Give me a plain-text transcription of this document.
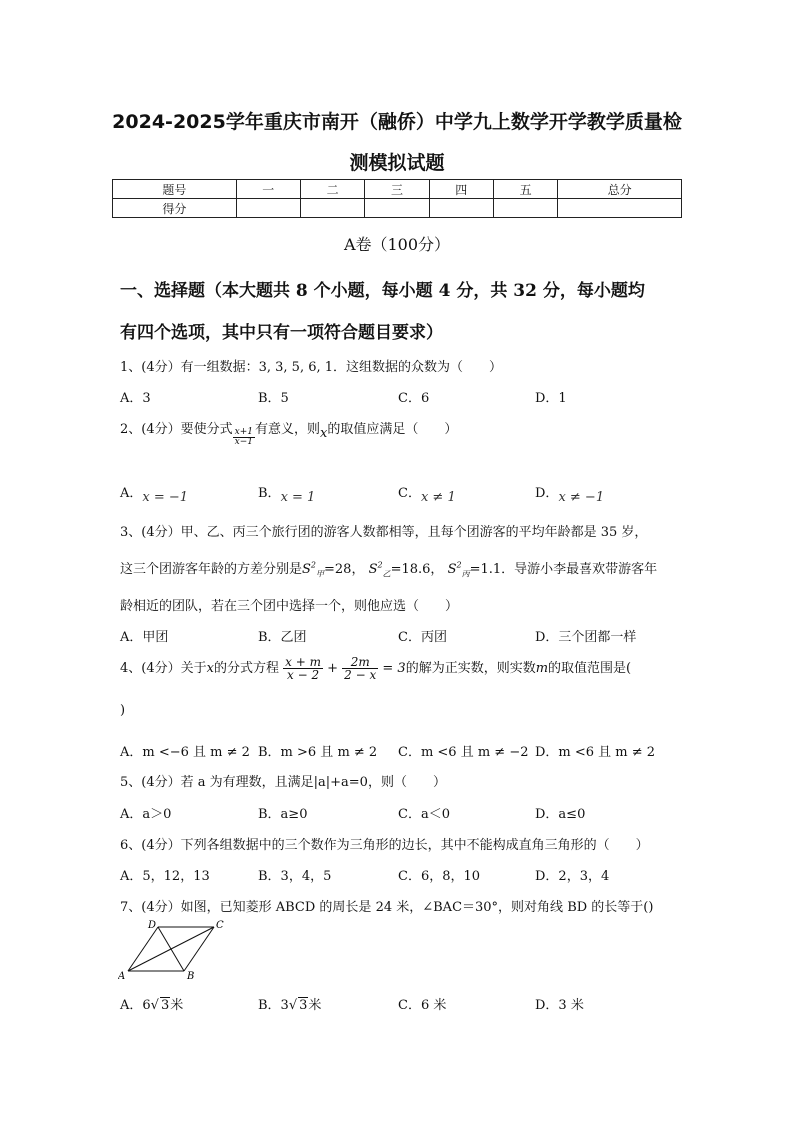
2024-2025学年重庆市南开（融侨）中学九上数学开学教学质量检
测模拟试题
题号	一	二	三	四	五	总分
得分						
A卷（100分）
一、选择题（本大题共 8 个小题，每小题 4 分，共 32 分，每小题均
有四个选项，其中只有一项符合题目要求）
1、(4分）有一组数据：3, 3, 5, 6, 1．这组数据的众数为（　　）
A．3	B．5	C．6	D．1
2、(4分）要使分式 $\frac{x+1}{x-1}$ 有意义，则x的取值应满足（　　）
A．x = −1	B．x = 1	C．x ≠ 1	D．x ≠ −1
3、(4分）甲、乙、丙三个旅行团的游客人数都相等，且每个团游客的平均年龄都是 35 岁，
这三个团游客年龄的方差分别是$S^2_甲=28$， $S^2_乙=18.6$， $S^2_丙=1.1$．导游小李最喜欢带游客年
龄相近的团队，若在三个团中选择一个，则他应选（　　）
A．甲团	B．乙团	C．丙团	D．三个团都一样
4、(4分）关于x的分式方程 $\frac{x + m}{x - 2} + \frac{2m}{2 - x} = 3$的解为正实数，则实数m的取值范围是(
)
A．m <−6 且 m ≠ 2 B．m >6 且 m ≠ 2 C．m <6 且 m ≠ −2 D．m <6 且 m ≠ 2
5、(4分）若 a 为有理数，且满足|a|+a=0，则（　　）
A．a＞0	B．a≥0	C．a＜0	D．a≤0
6、(4分）下列各组数据中的三个数作为三角形的边长，其中不能构成直角三角形的（　　）
A．5，12，13	B．3，4，5	C．6，8，10	D．2，3，4
7、(4分）如图，已知菱形 ABCD 的周长是 24 米，∠BAC＝30°，则对角线 BD 的长等于()
A	B
C
D
A．6√ 3米	B．3√ 3米	C．6 米	D．3 米
